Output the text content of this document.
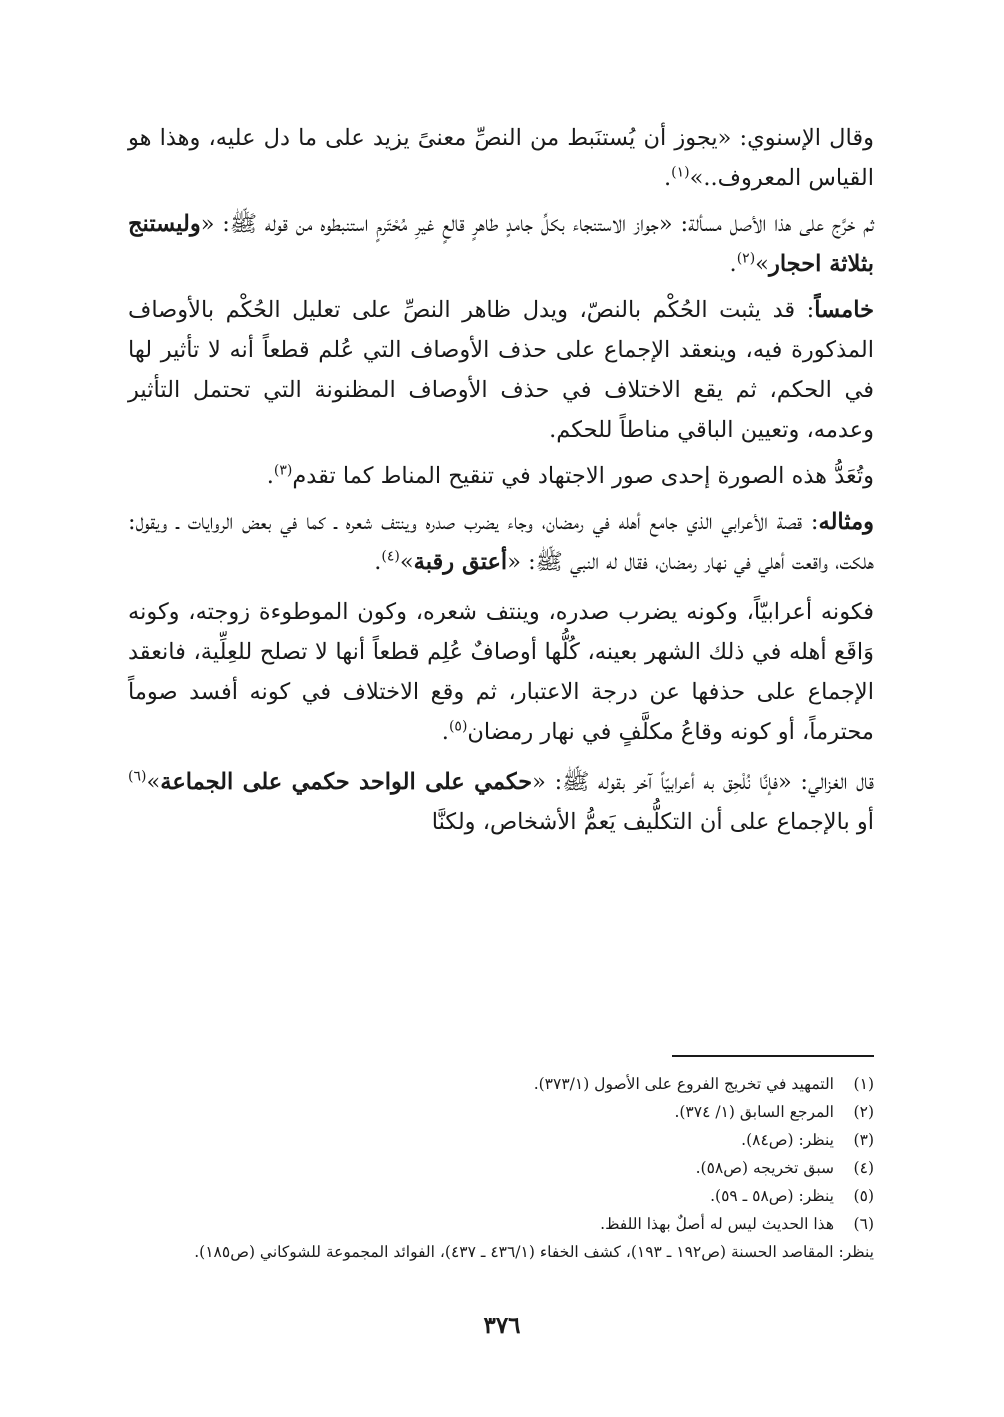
وقال الإسنوي: «يجوز أن يُستنَبط من النصِّ معنىً يزيد على ما دل عليه، وهذا هو القياس المعروف..»$^{(١)}$.

ثم خرَّج على هذا الأصل مسألة: «جواز الاستنجاء بكلِّ جامدٍ طاهرٍ قالعٍ غيرِ مُحْتَرمٍ استنبطوه من قوله ﷺ: «وليستنج بثلاثة احجار»$^{(٢)}$.

خامساً: قد يثبت الحُكْم بالنصّ، ويدل ظاهر النصِّ على تعليل الحُكْم بالأوصاف المذكورة فيه، وينعقد الإجماع على حذف الأوصاف التي عُلم قطعاً أنه لا تأثير لها في الحكم، ثم يقع الاختلاف في حذف الأوصاف المظنونة التي تحتمل التأثير وعدمه، وتعيين الباقي مناطاً للحكم.

وتُعَدُّ هذه الصورة إحدى صور الاجتهاد في تنقيح المناط كما تقدم$^{(٣)}$.

ومثاله: قصة الأعرابي الذي جامع أهله في رمضان، وجاء يضرب صدره وينتف شعره ـ كما في بعض الروايات ـ ويقول: هلكت، واقعت أهلي في نهار رمضان، فقال له النبي ﷺ: «أعتق رقبة»$^{(٤)}$.

فكونه أعرابيّاً، وكونه يضرب صدره، وينتف شعره، وكون الموطوءة زوجته، وكونه وَاقَع أهله في ذلك الشهر بعينه، كُلُّها أوصافٌ عُلِم قطعاً أنها لا تصلح للعِلِّية، فانعقد الإجماع على حذفها عن درجة الاعتبار، ثم وقع الاختلاف في كونه أفسد صوماً محترماً، أو كونه وقاعُ مكلَّفٍ في نهار رمضان$^{(٥)}$.

قال الغزالي: «فإنَّا نُلْحِق به أعرابيّاً آخر بقوله ﷺ: «حكمي على الواحد حكمي على الجماعة»$^{(٦)}$ أو بالإجماع على أن التكلُّيف يَعمُّ الأشخاص، ولكنَّا

(١)
التمهيد في تخريج الفروع على الأصول (٣٧٣/١).
(٢)
المرجع السابق (١/ ٣٧٤).
(٣)
ينظر: (ص٨٤).
(٤)
سبق تخريجه (ص٥٨).
(٥)
ينظر: (ص٥٨ ـ ٥٩).
(٦)
هذا الحديث ليس له أصلٌ بهذا اللفظ.
ينظر: المقاصد الحسنة (ص١٩٢ ـ ١٩٣)، كشف الخفاء (٤٣٦/١ ـ ٤٣٧)، الفوائد المجموعة للشوكاني (ص١٨٥).
٣٧٦
